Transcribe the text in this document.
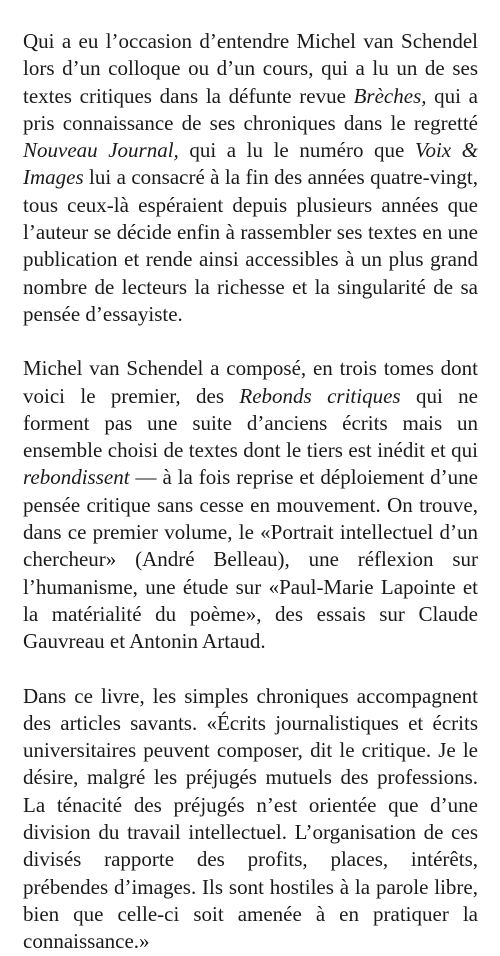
Qui a eu l’occasion d’entendre Michel van Schendel lors d’un colloque ou d’un cours, qui a lu un de ses textes critiques dans la défunte revue Brèches, qui a pris connaissance de ses chroniques dans le regretté Nouveau Journal, qui a lu le numéro que Voix & Images lui a consacré à la fin des années quatre-vingt, tous ceux-là espéraient depuis plusieurs années que l’auteur se décide enfin à rassembler ses textes en une publication et rende ainsi accessibles à un plus grand nombre de lecteurs la richesse et la singularité de sa pensée d’essayiste.

Michel van Schendel a composé, en trois tomes dont voici le premier, des Rebonds critiques qui ne forment pas une suite d’anciens écrits mais un ensemble choisi de textes dont le tiers est inédit et qui rebondissent — à la fois reprise et déploiement d’une pensée critique sans cesse en mouvement. On trouve, dans ce premier volume, le «Portrait intellectuel d’un chercheur» (André Belleau), une réflexion sur l’humanisme, une étude sur «Paul-Marie Lapointe et la matérialité du poème», des essais sur Claude Gauvreau et Antonin Artaud.

Dans ce livre, les simples chroniques accompagnent des articles savants. «Écrits journalistiques et écrits universitaires peuvent composer, dit le critique. Je le désire, malgré les préjugés mutuels des professions. La ténacité des préjugés n’est orientée que d’une division du travail intellectuel. L’organisation de ces divisés rapporte des profits, places, intérêts, prébendes d’images. Ils sont hostiles à la parole libre, bien que celle-ci soit amenée à en pratiquer la connaissance.»
